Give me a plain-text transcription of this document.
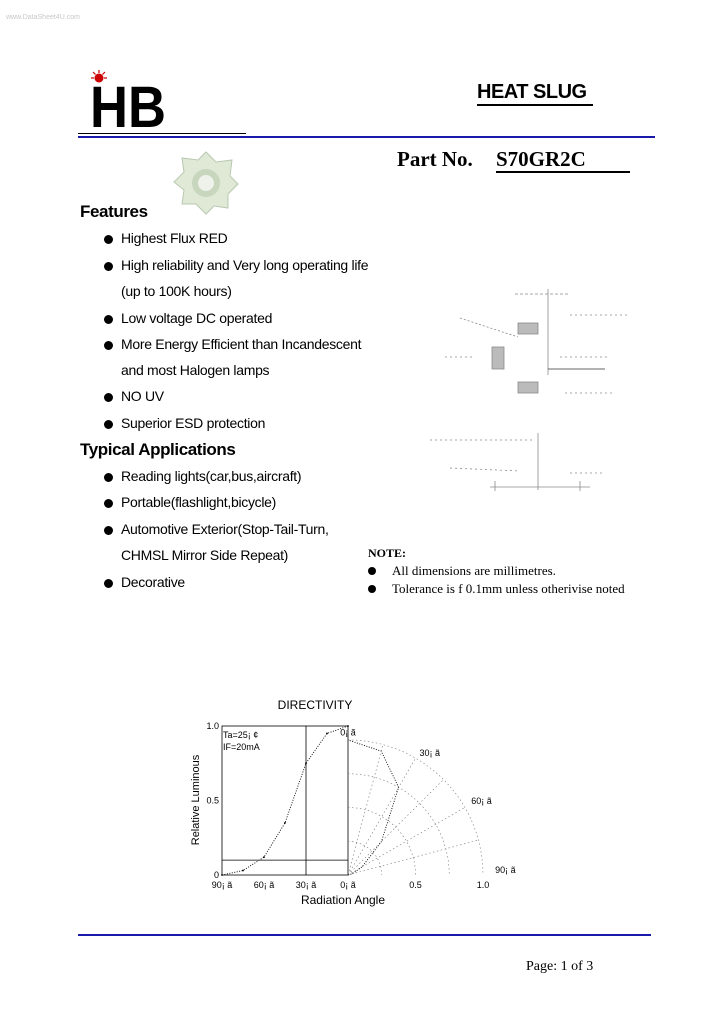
www.DataSheet4U.com
HB	HEAT SLUG
Part No. S70GR2C
Features
Highest Flux RED
High reliability and Very long operating life
(up to 100K hours)
Low voltage DC operated
More Energy Efficient than Incandescent
and most Halogen lamps
NO UV
Superior ESD protection
Typical Applications
Reading lights(car,bus,aircraft)
Portable(flashlight,bicycle)
Automotive Exterior(Stop-Tail-Turn,
CHMSL Mirror Side Repeat)
Decorative
NOTE:
All dimensions are millimetres.
Tolerance is f 0.1mm unless otherivise noted
DIRECTIVITY
Relative Luminous
Radiation Angle
Ta=25¡ ¢
IF=20mA
1.0
0.5
0
90¡ ã 60¡ ã 30¡ ã	0¡ ã	0.5	1.0
0¡ ã
30¡ ã
60¡ ã
90¡ ã
Page: 1 of 3
